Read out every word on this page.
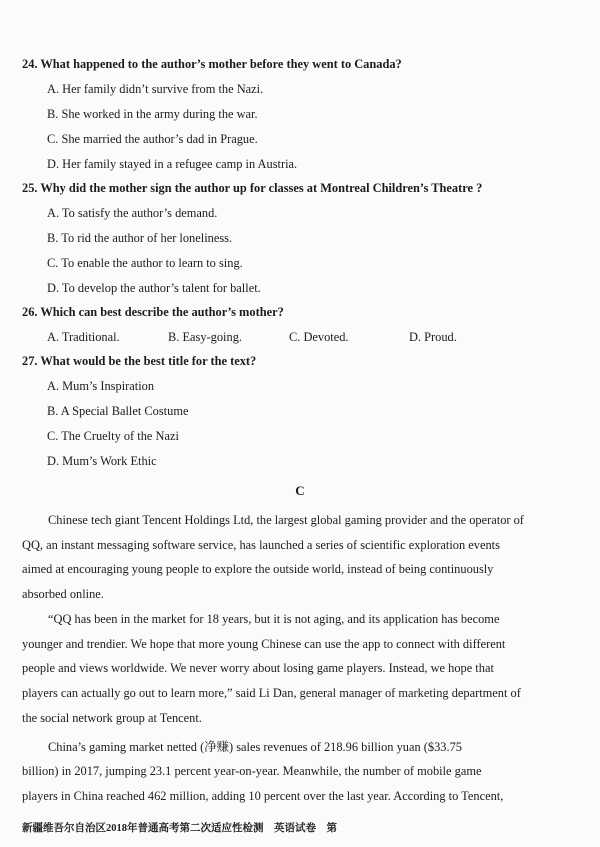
24. What happened to the author’s mother before they went to Canada?
A. Her family didn’t survive from the Nazi.
B. She worked in the army during the war.
C. She married the author’s dad in Prague.
D. Her family stayed in a refugee camp in Austria.
25. Why did the mother sign the author up for classes at Montreal Children’s Theatre ?
A. To satisfy the author’s demand.
B. To rid the author of her loneliness.
C. To enable the author to learn to sing.
D. To develop the author’s talent for ballet.
26. Which can best describe the author’s mother?
A. Traditional.	B. Easy-going.	C. Devoted.	D. Proud.
27. What would be the best title for the text?
A. Mum’s Inspiration
B. A Special Ballet Costume
C. The Cruelty of the Nazi
D. Mum’s Work Ethic
C
Chinese tech giant Tencent Holdings Ltd, the largest global gaming provider and the operator of
QQ, an instant messaging software service, has launched a series of scientific exploration events
aimed at encouraging young people to explore the outside world, instead of being continuously
absorbed online.
“QQ has been in the market for 18 years, but it is not aging, and its application has become
younger and trendier. We hope that more young Chinese can use the app to connect with different
people and views worldwide. We never worry about losing game players. Instead, we hope that
players can actually go out to learn more,” said Li Dan, general manager of marketing department of
the social network group at Tencent.
China’s gaming market netted (净赚) sales revenues of 218.96 billion yuan ($33.75
billion) in 2017, jumping 23.1 percent year-on-year. Meanwhile, the number of mobile game
players in China reached 462 million, adding 10 percent over the last year. According to Tencent,
新疆维吾尔自治区2018年普通高考第二次适应性检测　英语试卷　第
